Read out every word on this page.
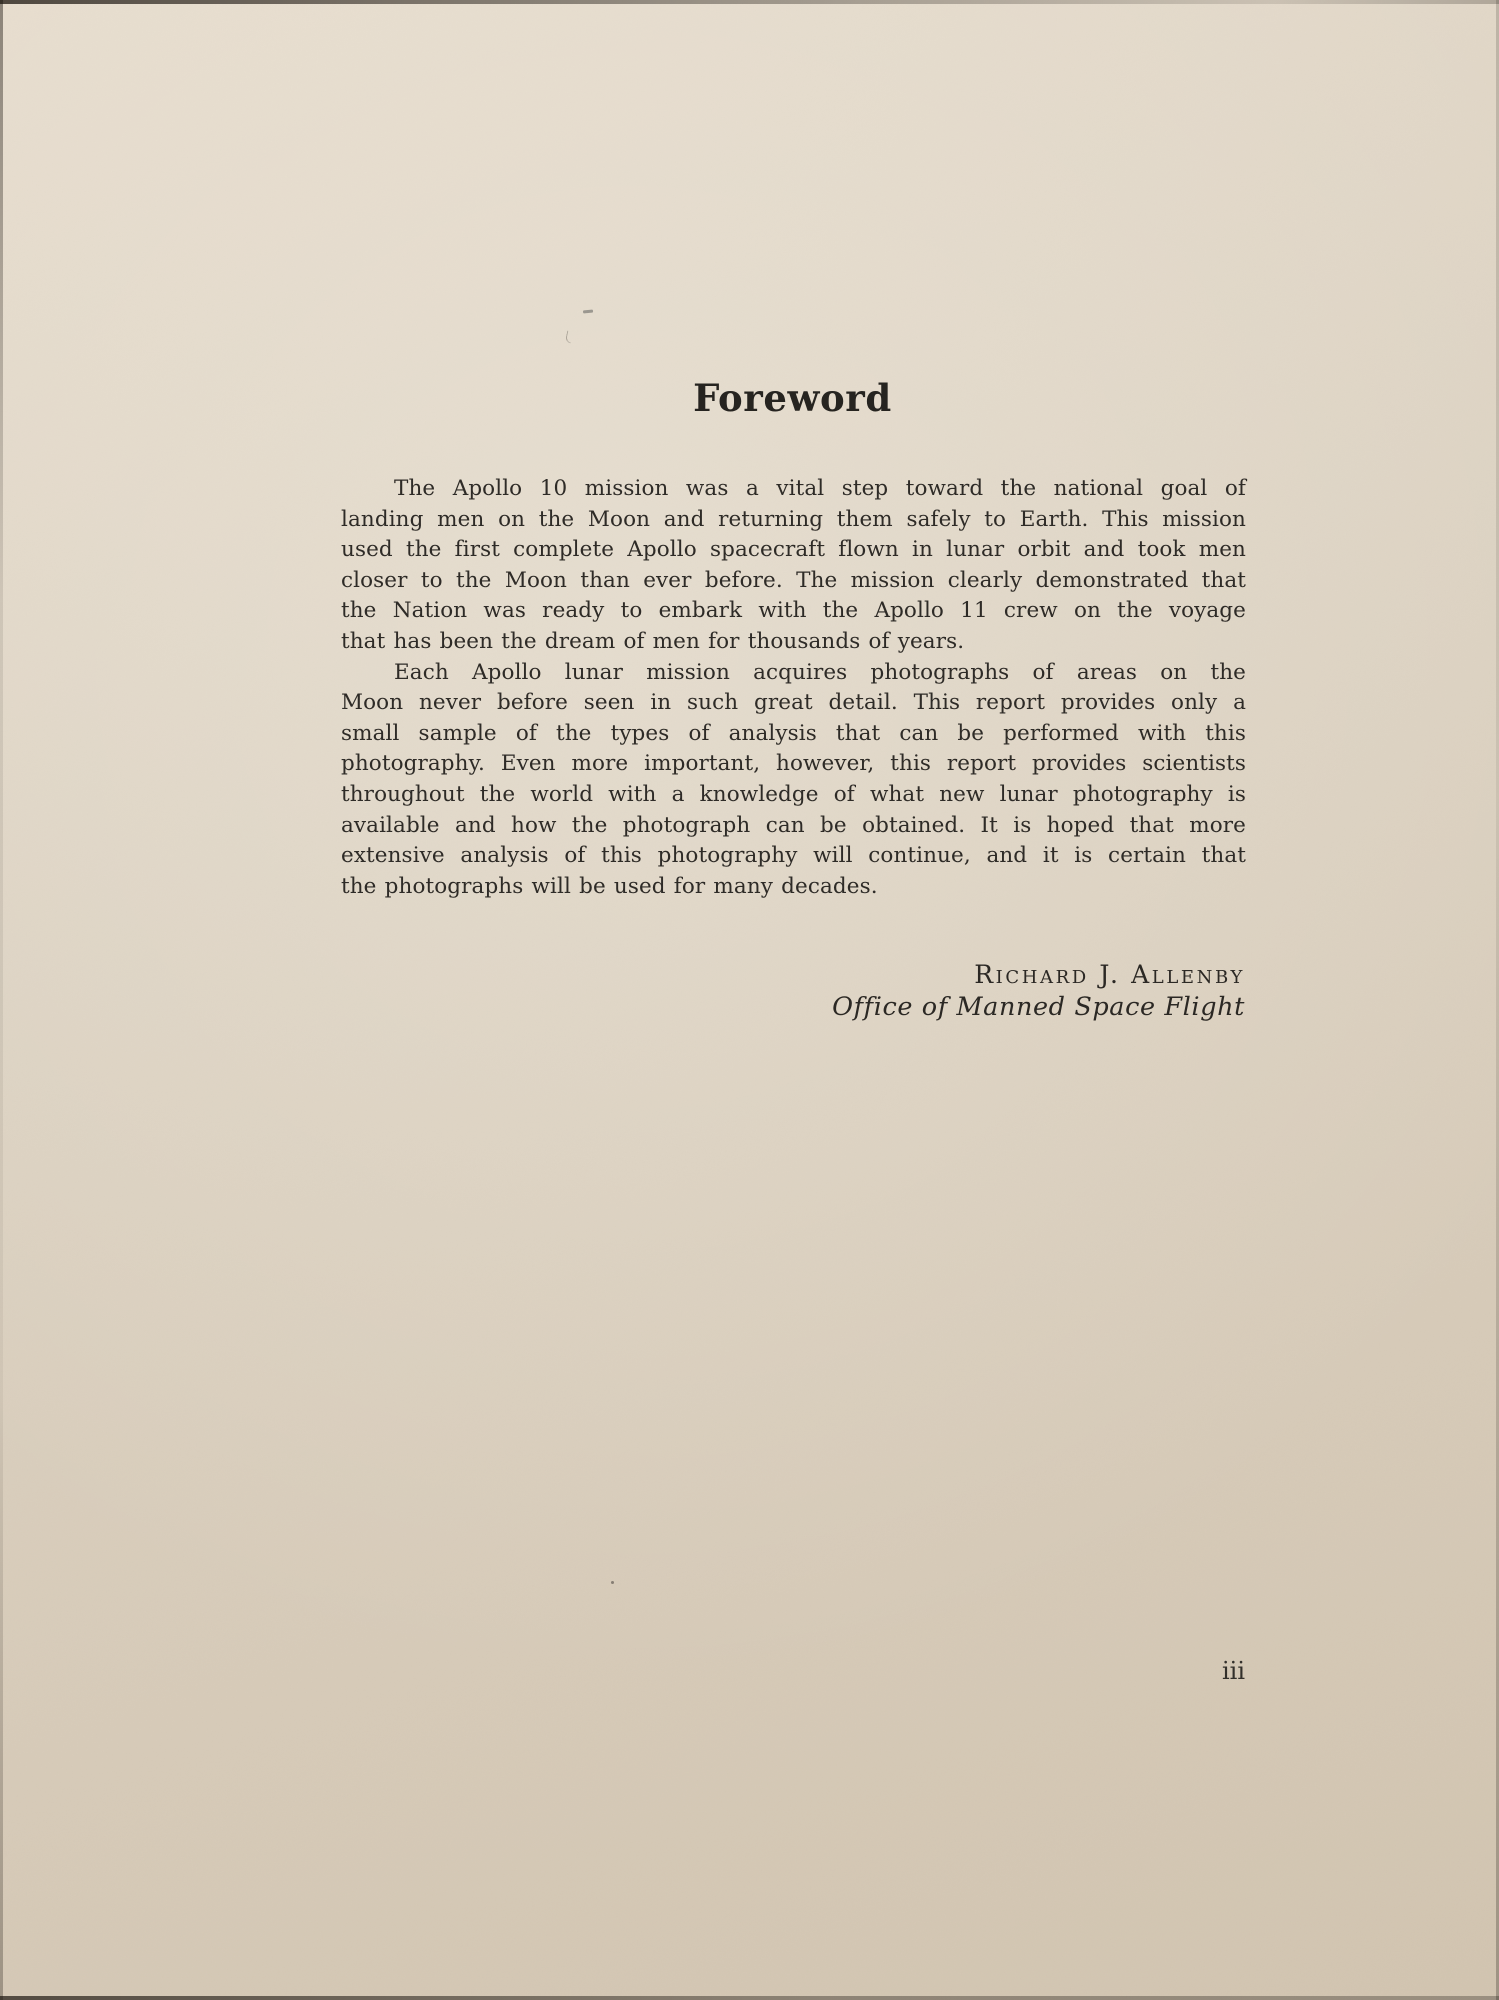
Foreword
The Apollo 10 mission was a vital step toward the national goal of
landing men on the Moon and returning them safely to Earth. This mission
used the first complete Apollo spacecraft flown in lunar orbit and took men
closer to the Moon than ever before. The mission clearly demonstrated that
the Nation was ready to embark with the Apollo 11 crew on the voyage
that has been the dream of men for thousands of years.
Each Apollo lunar mission acquires photographs of areas on the
Moon never before seen in such great detail. This report provides only a
small sample of the types of analysis that can be performed with this
photography. Even more important, however, this report provides scientists
throughout the world with a knowledge of what new lunar photography is
available and how the photograph can be obtained. It is hoped that more
extensive analysis of this photography will continue, and it is certain that
the photographs will be used for many decades.
Richard J. Allenby
Office of Manned Space Flight
iii
